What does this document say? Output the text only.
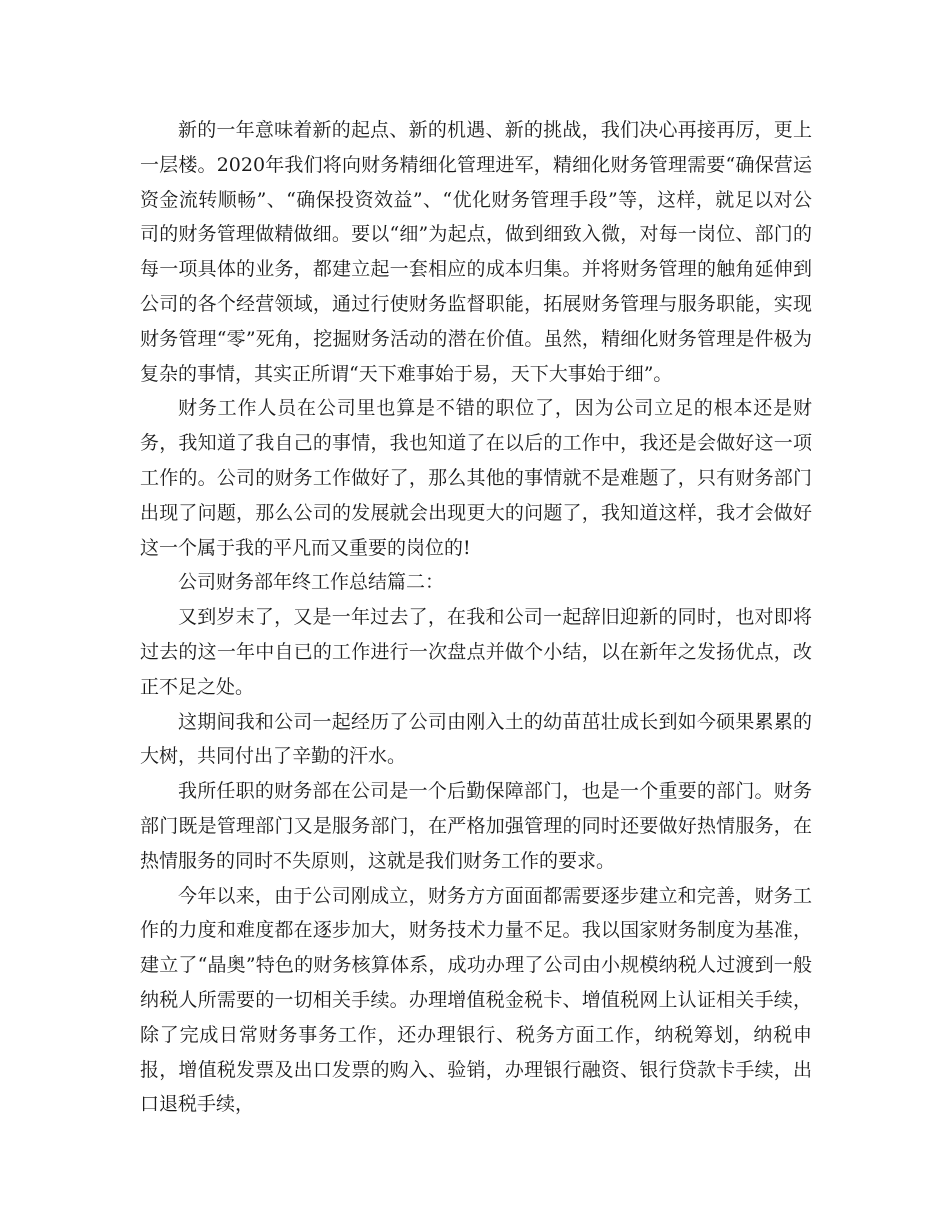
新的一年意味着新的起点、新的机遇、新的挑战，我们决心再接再厉，更上一层楼。2020年我们将向财务精细化管理进军，精细化财务管理需要“确保营运资金流转顺畅”、“确保投资效益”、“优化财务管理手段”等，这样，就足以对公司的财务管理做精做细。要以“细”为起点，做到细致入微，对每一岗位、部门的每一项具体的业务，都建立起一套相应的成本归集。并将财务管理的触角延伸到公司的各个经营领域，通过行使财务监督职能，拓展财务管理与服务职能，实现财务管理“零”死角，挖掘财务活动的潜在价值。虽然，精细化财务管理是件极为复杂的事情，其实正所谓“天下难事始于易，天下大事始于细”。

财务工作人员在公司里也算是不错的职位了，因为公司立足的根本还是财务，我知道了我自己的事情，我也知道了在以后的工作中，我还是会做好这一项工作的。公司的财务工作做好了，那么其他的事情就不是难题了，只有财务部门出现了问题，那么公司的发展就会出现更大的问题了，我知道这样，我才会做好这一个属于我的平凡而又重要的岗位的!

公司财务部年终工作总结篇二：

又到岁末了，又是一年过去了，在我和公司一起辞旧迎新的同时，也对即将过去的这一年中自已的工作进行一次盘点并做个小结，以在新年之发扬优点，改正不足之处。

这期间我和公司一起经历了公司由刚入土的幼苗茁壮成长到如今硕果累累的大树，共同付出了辛勤的汗水。

我所任职的财务部在公司是一个后勤保障部门，也是一个重要的部门。财务部门既是管理部门又是服务部门，在严格加强管理的同时还要做好热情服务，在热情服务的同时不失原则，这就是我们财务工作的要求。

今年以来，由于公司刚成立，财务方方面面都需要逐步建立和完善，财务工作的力度和难度都在逐步加大，财务技术力量不足。我以国家财务制度为基准，建立了“晶奥”特色的财务核算体系，成功办理了公司由小规模纳税人过渡到一般纳税人所需要的一切相关手续。办理增值税金税卡、增值税网上认证相关手续，除了完成日常财务事务工作，还办理银行、税务方面工作，纳税筹划，纳税申报，增值税发票及出口发票的购入、验销，办理银行融资、银行贷款卡手续，出口退税手续，
